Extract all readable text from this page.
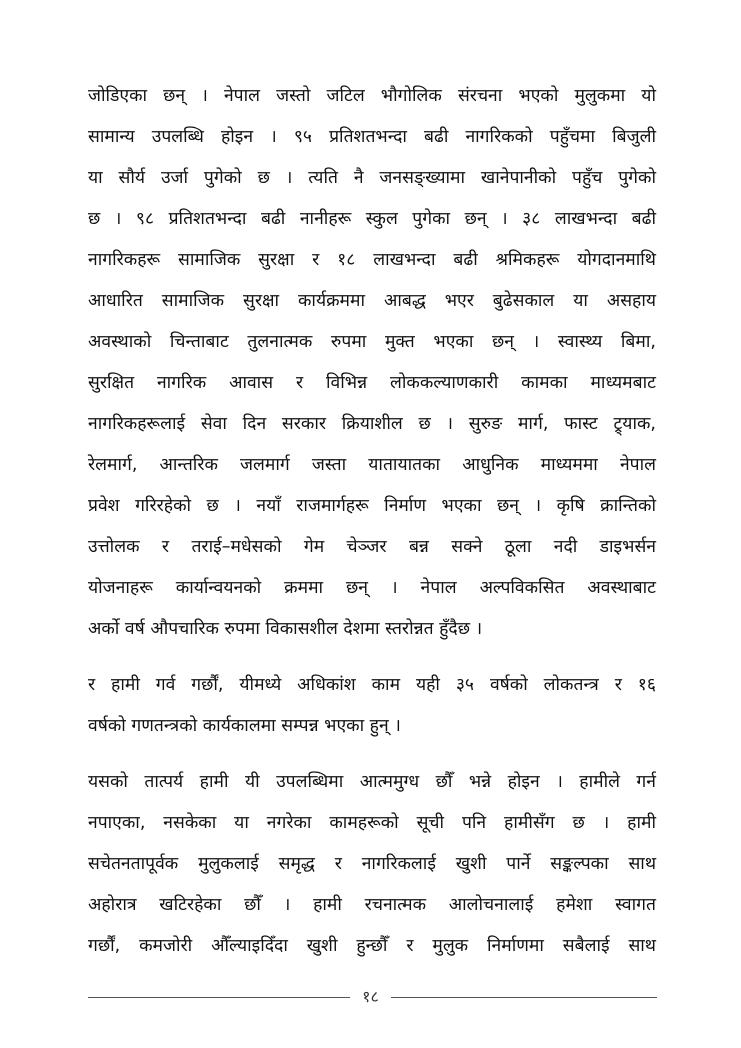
जोडिएका छन् । नेपाल जस्तो जटिल भौगोलिक संरचना भएको मुलुकमा यो
सामान्य उपलब्धि होइन । ९५ प्रतिशतभन्दा बढी नागरिकको पहुँचमा बिजुली
या सौर्य उर्जा पुगेको छ । त्यति नै जनसङ्ख्यामा खानेपानीको पहुँच पुगेको
छ । ९८ प्रतिशतभन्दा बढी नानीहरू स्कुल पुगेका छन् । ३८ लाखभन्दा बढी
नागरिकहरू सामाजिक सुरक्षा र १८ लाखभन्दा बढी श्रमिकहरू योगदानमाथि
आधारित सामाजिक सुरक्षा कार्यक्रममा आबद्ध भएर बुढेसकाल या असहाय
अवस्थाको चिन्ताबाट तुलनात्मक रुपमा मुक्त भएका छन् । स्वास्थ्य बिमा,
सुरक्षित नागरिक आवास र विभिन्न लोककल्याणकारी कामका माध्यमबाट
नागरिकहरूलाई सेवा दिन सरकार क्रियाशील छ । सुरुङ मार्ग, फास्ट ट्र्याक,
रेलमार्ग, आन्तरिक जलमार्ग जस्ता यातायातका आधुनिक माध्यममा नेपाल
प्रवेश गरिरहेको छ । नयाँ राजमार्गहरू निर्माण भएका छन् । कृषि क्रान्तिको
उत्तोलक र तराई–मधेसको गेम चेञ्जर बन्न सक्ने ठूला नदी डाइभर्सन
योजनाहरू कार्यान्वयनको क्रममा छन् । नेपाल अल्पविकसित अवस्थाबाट
अर्को वर्ष औपचारिक रुपमा विकासशील देशमा स्तरोन्नत हुँदैछ ।
र हामी गर्व गर्छौं, यीमध्ये अधिकांश काम यही ३५ वर्षको लोकतन्त्र र १६
वर्षको गणतन्त्रको कार्यकालमा सम्पन्न भएका हुन् ।
यसको तात्पर्य हामी यी उपलब्धिमा आत्ममुग्ध छौँ भन्ने होइन । हामीले गर्न
नपाएका, नसकेका या नगरेका कामहरूको सूची पनि हामीसँग छ । हामी
सचेतनतापूर्वक मुलुकलाई समृद्ध र नागरिकलाई खुशी पार्ने सङ्कल्पका साथ
अहोरात्र खटिरहेका छौँ । हामी रचनात्मक आलोचनालाई हमेशा स्वागत
गर्छौं, कमजोरी औँल्याइदिँदा खुशी हुन्छौँ र मुलुक निर्माणमा सबैलाई साथ
१८
